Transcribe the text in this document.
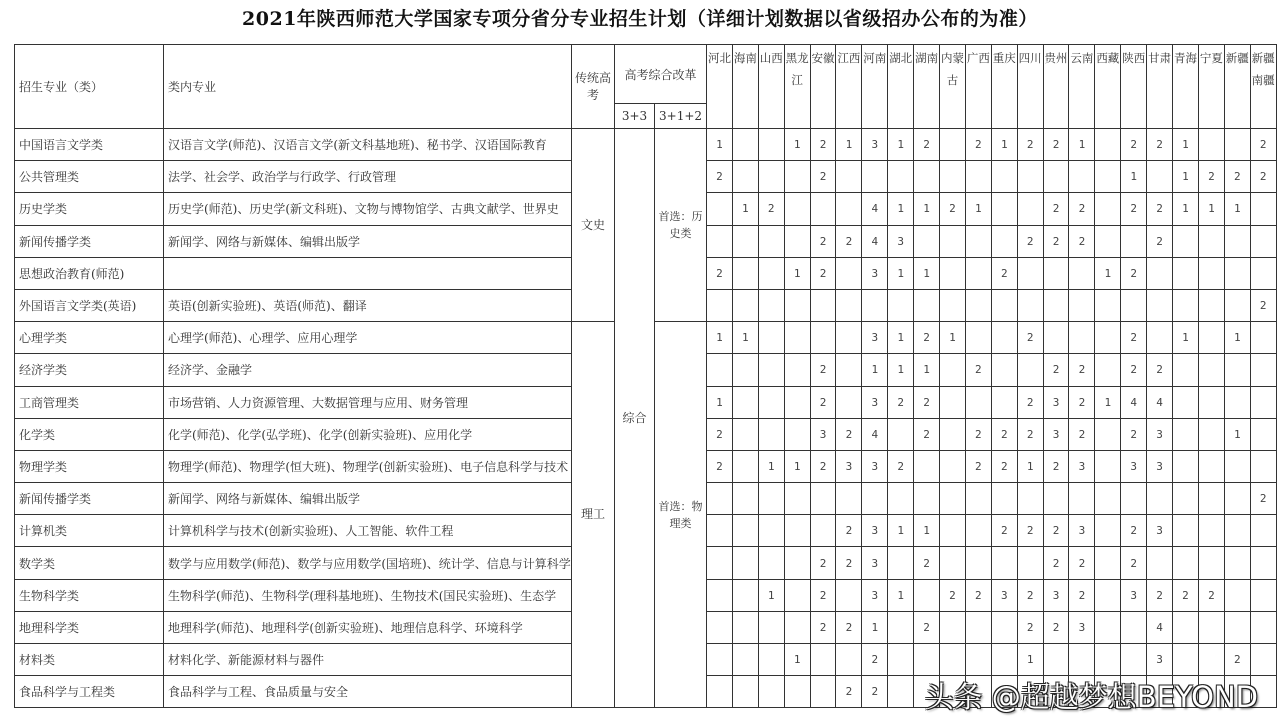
2021年陕西师范大学国家专项分省分专业招生计划（详细计划数据以省级招办公布的为准）
招生专业（类）	类内专业	传统高考	高考综合改革		河北	海南	山西	黑龙江	安徽	江西	河南	湖北	湖南	内蒙古	广西	重庆	四川	贵州	云南	西藏	陕西	甘肃	青海	宁夏	新疆	新疆南疆
			3+3	3+1+2																						
中国语言文学类	汉语言文学(师范)、汉语言文学(新文科基地班)、秘书学、汉语国际教育	文史	综合	首选：历史类	1			1	2	1	3	1	2		2	1	2	2	1		2	2	1			2
公共管理类	法学、社会学、政治学与行政学、行政管理				2				2												1		1	2	2	2
历史学类	历史学(师范)、历史学(新文科班)、文物与博物馆学、古典文献学、世界史					1	2				4	1	1	2	1			2	2		2	2	1	1	1	
新闻传播学类	新闻学、网络与新媒体、编辑出版学								2	2	4	3					2	2	2			2				
思想政治教育(师范)					2			1	2		3	1	1			2				1	2					
外国语言文学类(英语)	英语(创新实验班)、英语(师范)、翻译																									2
心理学类	心理学(师范)、心理学、应用心理学	理工		首选：物理类	1	1					3	1	2	1			2				2		1		1	
经济学类	经济学、金融学								2		1	1	1		2			2	2		2	2				
工商管理类	市场营销、人力资源管理、大数据管理与应用、财务管理				1				2		3	2	2				2	3	2	1	4	4				
化学类	化学(师范)、化学(弘学班)、化学(创新实验班)、应用化学				2				3	2	4		2		2	2	2	3	2		2	3			1	
物理学类	物理学(师范)、物理学(恒大班)、物理学(创新实验班)、电子信息科学与技术				2		1	1	2	3	3	2			2	2	1	2	3		3	3				
新闻传播学类	新闻学、网络与新媒体、编辑出版学																									2
计算机类	计算机科学与技术(创新实验班)、人工智能、软件工程									2	3	1	1			2	2	2	3		2	3				
数学类	数学与应用数学(师范)、数学与应用数学(国培班)、统计学、信息与计算科学								2	2	3		2					2	2		2					
生物科学类	生物科学(师范)、生物科学(理科基地班)、生物技术(国民实验班)、生态学						1		2		3	1		2	2	3	2	3	2		3	2	2	2		
地理科学类	地理科学(师范)、地理科学(创新实验班)、地理信息科学、环境科学								2	2	1		2				2	2	3			4				
材料类	材料化学、新能源材料与器件							1			2						1					3			2	
食品科学与工程类	食品科学与工程、食品质量与安全									2	2															头条 @超越梦想BEYOND
